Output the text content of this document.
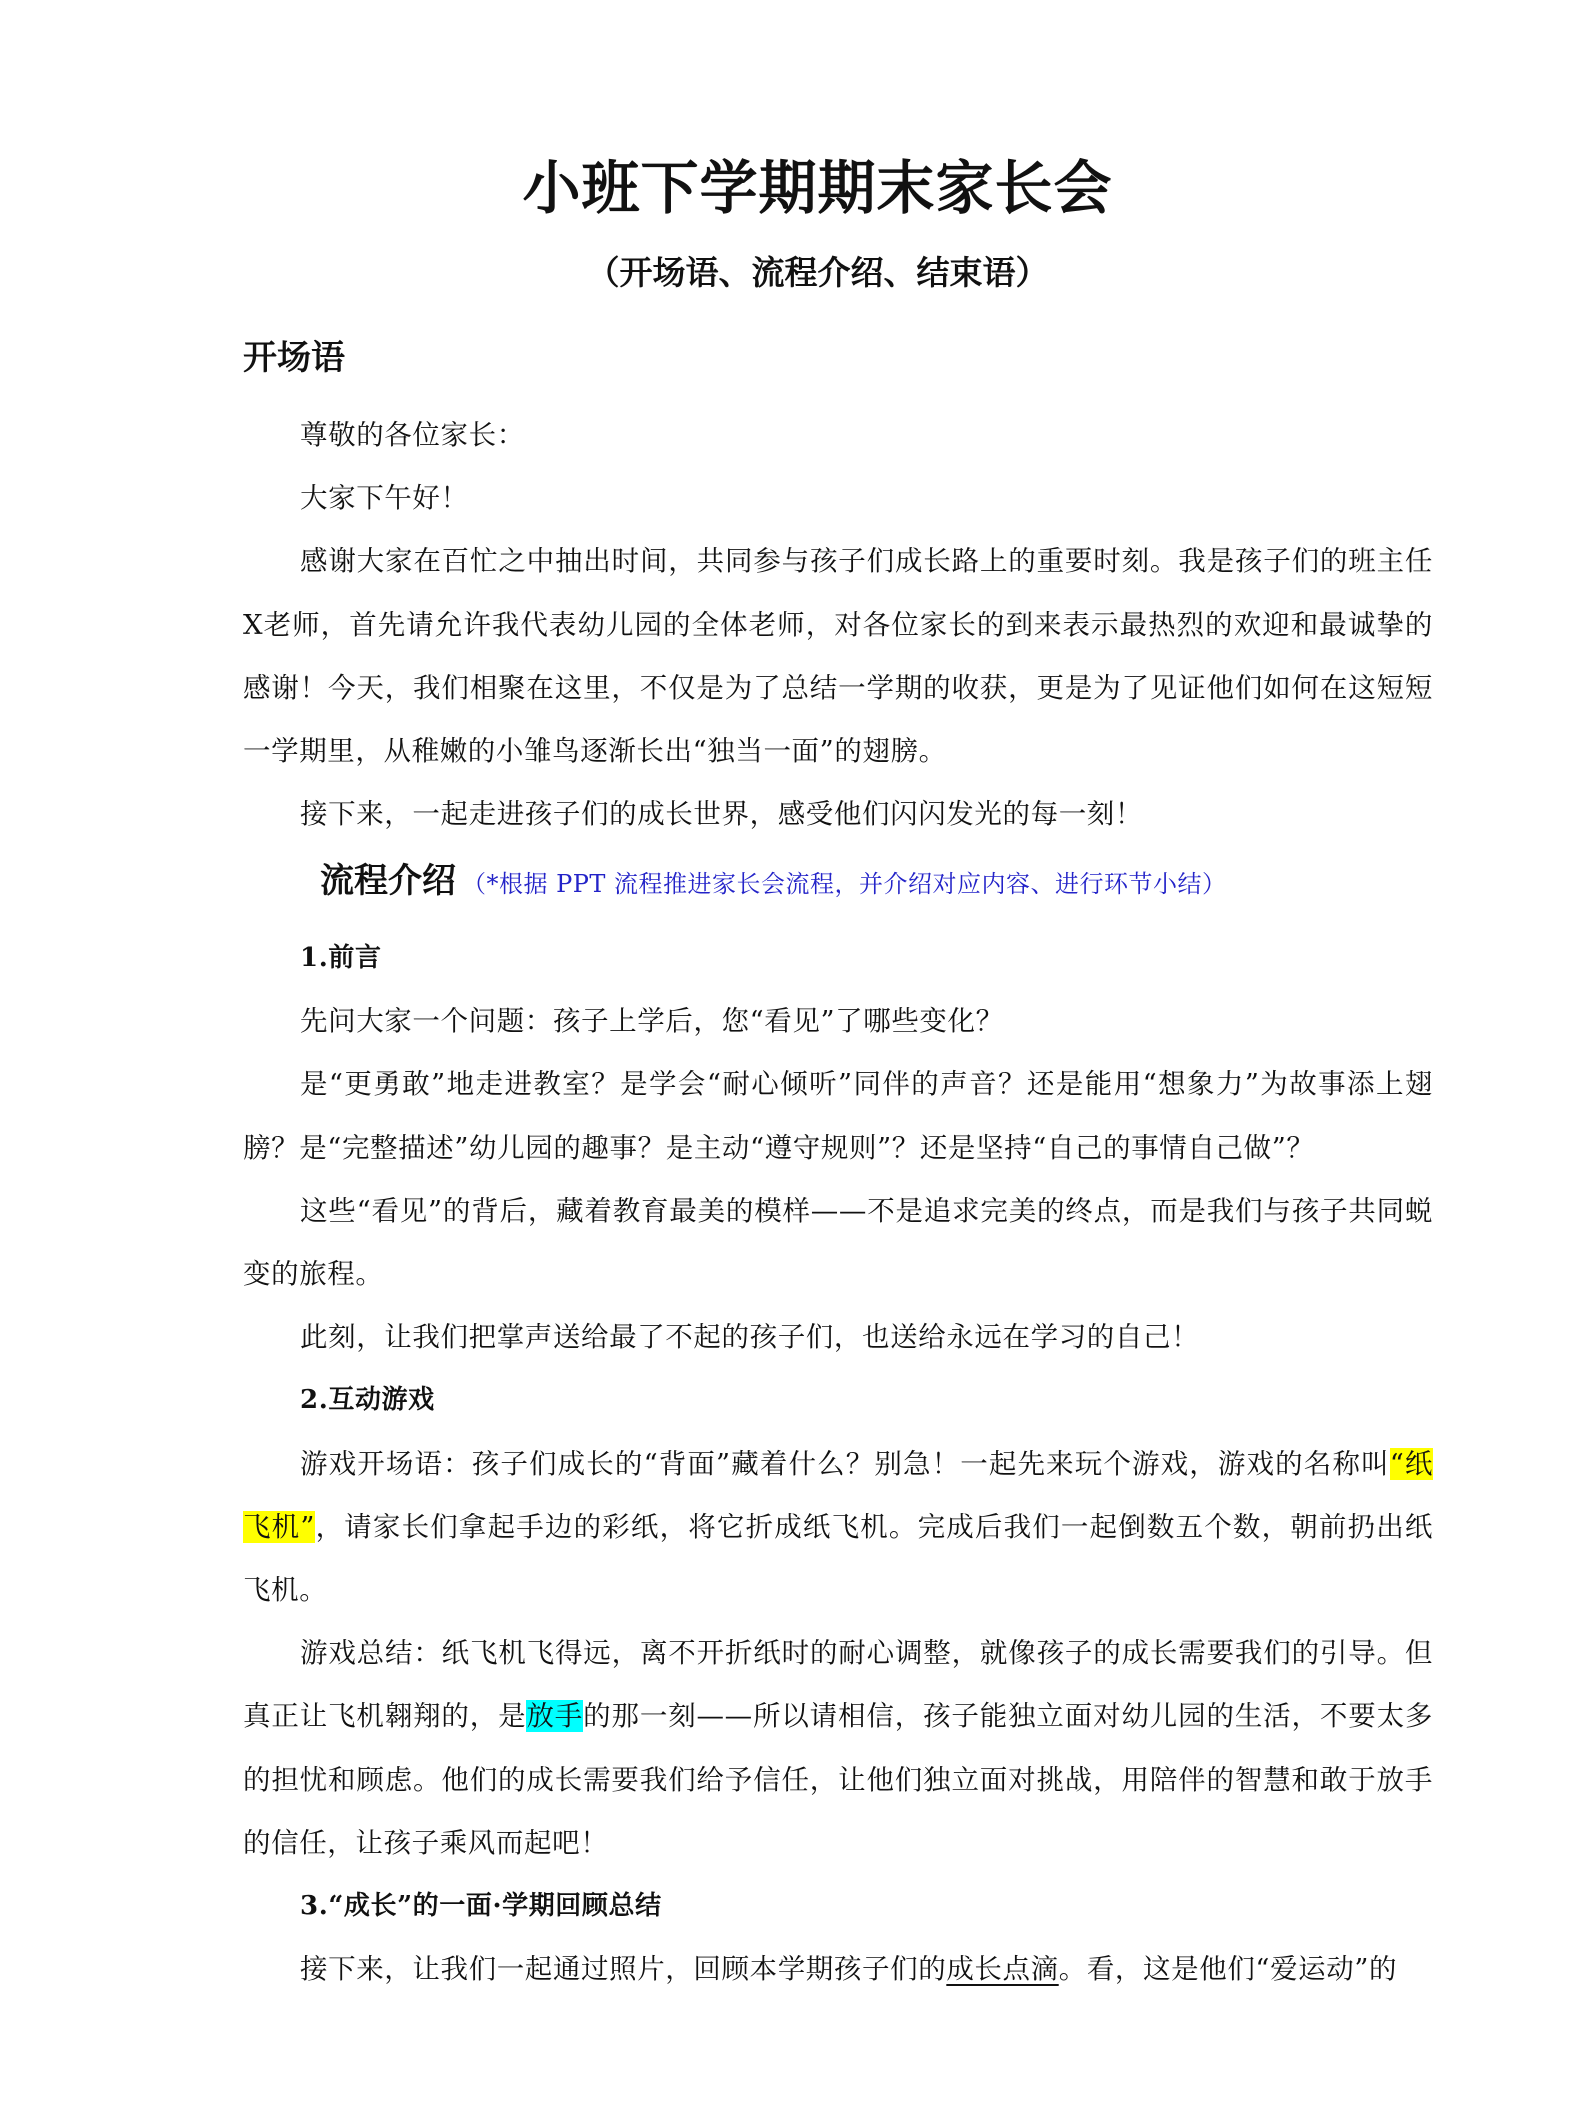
小班下学期期末家长会
（开场语、流程介绍、结束语）
开场语

尊敬的各位家长：

大家下午好！

感谢大家在百忙之中抽出时间，共同参与孩子们成长路上的重要时刻。我是孩子们的班主任X老师，首先请允许我代表幼儿园的全体老师，对各位家长的到来表示最热烈的欢迎和最诚挚的感谢！今天，我们相聚在这里，不仅是为了总结一学期的收获，更是为了见证他们如何在这短短一学期里，从稚嫩的小雏鸟逐渐长出“独当一面”的翅膀。

接下来，一起走进孩子们的成长世界，感受他们闪闪发光的每一刻！

流程介绍 （*根据 PPT 流程推进家长会流程，并介绍对应内容、进行环节小结）

1.前言

先问大家一个问题：孩子上学后，您“看见”了哪些变化？

是“更勇敢”地走进教室？是学会“耐心倾听”同伴的声音？还是能用“想象力”为故事添上翅膀？是“完整描述”幼儿园的趣事？是主动“遵守规则”？还是坚持“自己的事情自己做”？

这些“看见”的背后，藏着教育最美的模样——不是追求完美的终点，而是我们与孩子共同蜕变的旅程。

此刻，让我们把掌声送给最了不起的孩子们，也送给永远在学习的自己！

2.互动游戏

游戏开场语：孩子们成长的“背面”藏着什么？别急！一起先来玩个游戏，游戏的名称叫“纸飞机”，请家长们拿起手边的彩纸，将它折成纸飞机。完成后我们一起倒数五个数，朝前扔出纸飞机。

游戏总结：纸飞机飞得远，离不开折纸时的耐心调整，就像孩子的成长需要我们的引导。但真正让飞机翱翔的，是放手的那一刻——所以请相信，孩子能独立面对幼儿园的生活，不要太多的担忧和顾虑。他们的成长需要我们给予信任，让他们独立面对挑战，用陪伴的智慧和敢于放手的信任，让孩子乘风而起吧！

3.“成长”的一面·学期回顾总结

接下来，让我们一起通过照片，回顾本学期孩子们的成长点滴。看，这是他们“爱运动”的
